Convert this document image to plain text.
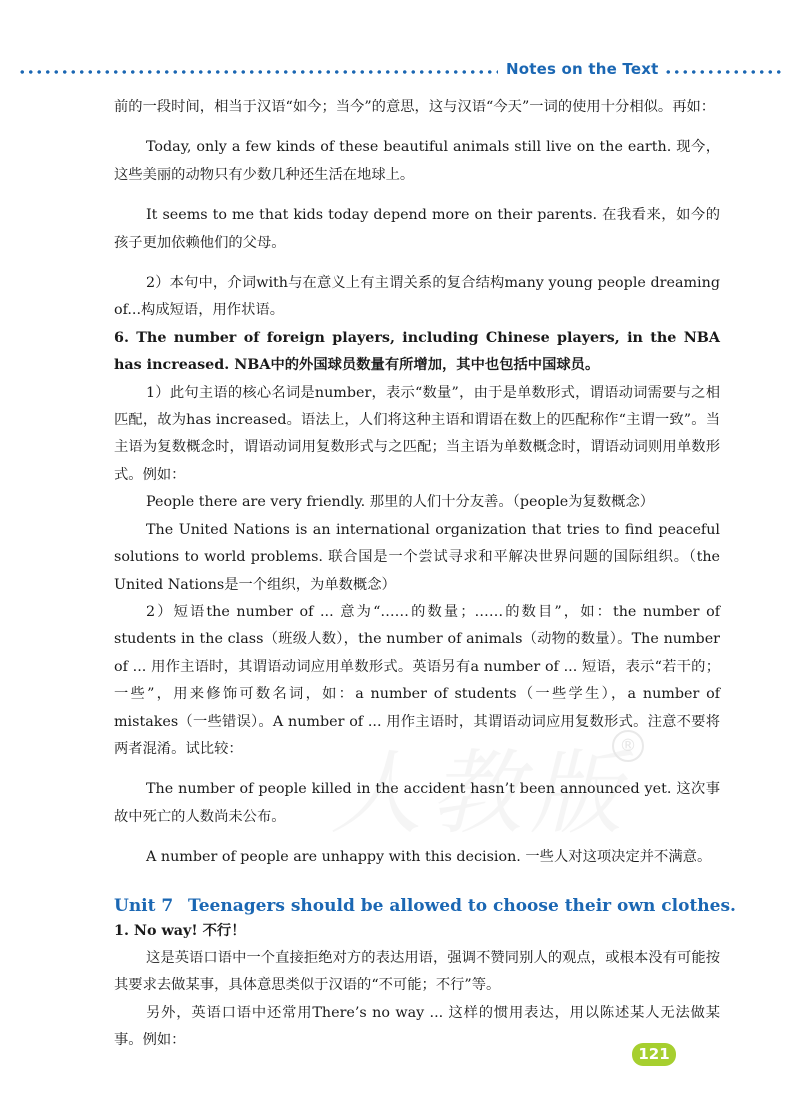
Notes on the Text
®

前的一段时间，相当于汉语“如今；当今”的意思，这与汉语“今天”一词的使用十分相似。再如：

Today, only a few kinds of these beautiful animals still live on the earth. 现今，这些美丽的动物只有少数几种还生活在地球上。

It seems to me that kids today depend more on their parents. 在我看来，如今的孩子更加依赖他们的父母。

2）本句中，介词with与在意义上有主谓关系的复合结构many young people dreaming of...构成短语，用作状语。

6. The number of foreign players, including Chinese players, in the NBA has increased. NBA中的外国球员数量有所增加，其中也包括中国球员。

1）此句主语的核心名词是number，表示“数量”，由于是单数形式，谓语动词需要与之相匹配，故为has increased。语法上，人们将这种主语和谓语在数上的匹配称作“主谓一致”。当主语为复数概念时，谓语动词用复数形式与之匹配；当主语为单数概念时，谓语动词则用单数形式。例如：

People there are very friendly. 那里的人们十分友善。（people为复数概念）

The United Nations is an international organization that tries to find peaceful solutions to world problems. 联合国是一个尝试寻求和平解决世界问题的国际组织。（the United Nations是一个组织，为单数概念）

2）短语the number of ... 意为“……的数量；……的数目”，如：the number of students in the class（班级人数），the number of animals（动物的数量）。The number of ... 用作主语时，其谓语动词应用单数形式。英语另有a number of ... 短语，表示“若干的；一些”，用来修饰可数名词，如：a number of students（一些学生），a number of mistakes（一些错误）。A number of ... 用作主语时，其谓语动词应用复数形式。注意不要将两者混淆。试比较：

The number of people killed in the accident hasn’t been announced yet. 这次事故中死亡的人数尚未公布。

A number of people are unhappy with this decision. 一些人对这项决定并不满意。

Unit 7 Teenagers should be allowed to choose their own clothes.

1. No way! 不行！

这是英语口语中一个直接拒绝对方的表达用语，强调不赞同别人的观点，或根本没有可能按其要求去做某事，具体意思类似于汉语的“不可能；不行”等。

另外，英语口语中还常用There’s no way ... 这样的惯用表达，用以陈述某人无法做某事。例如：

121
